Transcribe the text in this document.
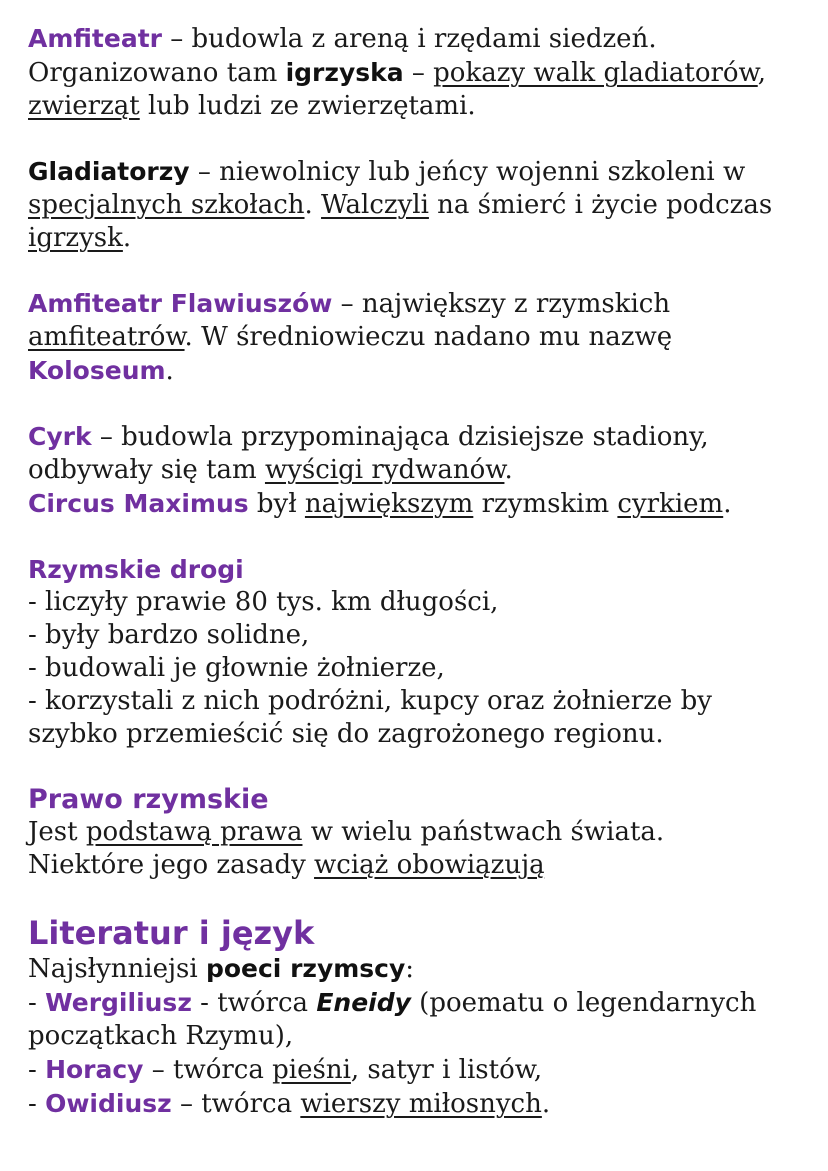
Amfiteatr – budowla z areną i rzędami siedzeń.
Organizowano tam igrzyska – pokazy walk gladiatorów,
zwierząt lub ludzi ze zwierzętami.
Gladiatorzy – niewolnicy lub jeńcy wojenni szkoleni w
specjalnych szkołach. Walczyli na śmierć i życie podczas
igrzysk.
Amfiteatr Flawiuszów – największy z rzymskich
amfiteatrów. W średniowieczu nadano mu nazwę
Koloseum.
Cyrk – budowla przypominająca dzisiejsze stadiony,
odbywały się tam wyścigi rydwanów.
Circus Maximus był największym rzymskim cyrkiem.
Rzymskie drogi
- liczyły prawie 80 tys. km długości,
- były bardzo solidne,
- budowali je głownie żołnierze,
- korzystali z nich podróżni, kupcy oraz żołnierze by
szybko przemieścić się do zagrożonego regionu.
Prawo rzymskie
Jest podstawą prawa w wielu państwach świata.
Niektóre jego zasady wciąż obowiązują
Literatur i język
Najsłynniejsi poeci rzymscy:
- Wergiliusz - twórca Eneidy (poematu o legendarnych
początkach Rzymu),
- Horacy – twórca pieśni, satyr i listów,
- Owidiusz – twórca wierszy miłosnych.
